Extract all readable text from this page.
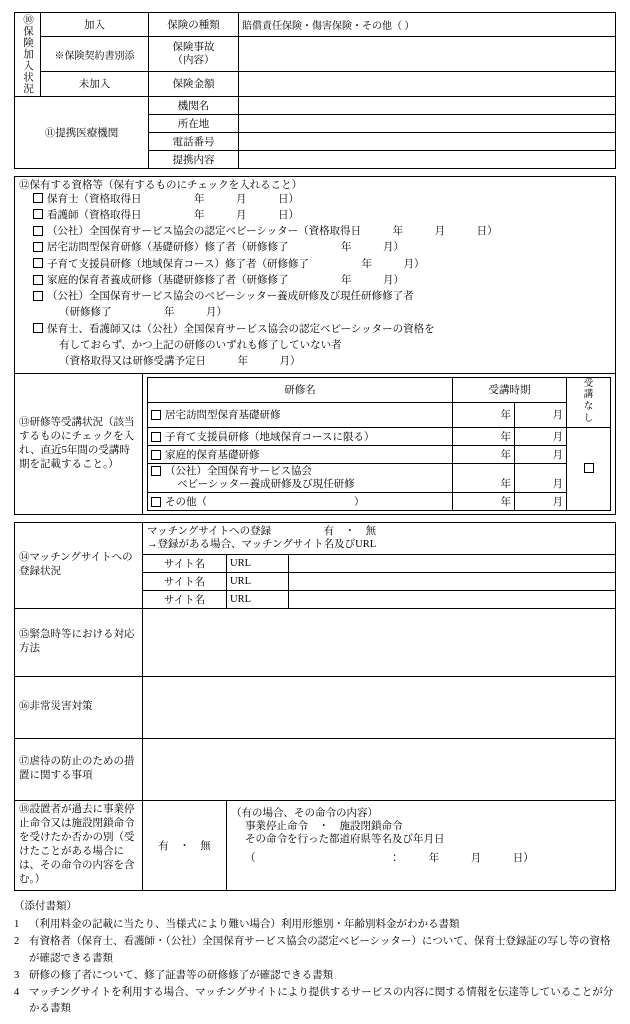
⑩保険加入状況	加入	保険の種類	賠償責任保険・傷害保険・その他（ ）
	※保険契約書別添	保険事故
（内容）	
	未加入	保険金額	
⑪提携医療機関		機関名	
		所在地	
		電話番号	
		提携内容	
⑫保有する資格等（保有するものにチェックを入れること）
保育士（資格取得日　　　　　年　　　月　　　日）
看護師（資格取得日　　　　　年　　　月　　　日）
（公社）全国保育サービス協会の認定ベビーシッター（資格取得日　　　年　　　月　　　日）
居宅訪問型保育研修（基礎研修）修了者（研修修了　　　　　年　　　月）
子育て支援員研修（地域保育コース）修了者（研修修了　　　　　年　　　月）
家庭的保育者養成研修（基礎研修修了者（研修修了　　　　　年　　　月）
（公社）全国保育サービス協会のベビーシッター養成研修及び現任研修修了者
（研修修了　　　　　年　　　月）
保育士、看護師又は（公社）全国保育サービス協会の認定ベビーシッターの資格を
有しておらず、かつ上記の研修のいずれも修了していない者
（資格取得又は研修受講予定日　　　年　　　月）

⑬研修等受講状況（該当するものにチェックを入れ、直近5年間の受講時期を記載すること。）	
研修名	受講時期	受
講
な
し
居宅訪問型保育基礎研修	年	月
子育て支援員研修（地域保育コースに限る）	年	月	
家庭的保育基礎研修	年	月
（公社）全国保育サービス協会
ベビーシッター養成研修及び現任研修	年	月
その他（　　　　　　　　　　　　　　）	年	月
⑭マッチングサイトへの登録状況	マッチングサイトへの登録　　　　　有　・　無
→登録がある場合、マッチングサイト名及びURL		

	サイト名	URL	
	サイト名	URL	
	サイト名	URL	
⑮緊急時等における対応方法			
⑯非常災害対策			
⑰虐待の防止のための措置に関する事項			
⑱設置者が過去に事業停止命令又は施設閉鎖命令を受けたか否かの別（受けたことがある場合には、その命令の内容を含む。）	有　・　無	（有の場合、その命令の内容）
事業停止命令　・　施設閉鎖命令
その命令を行った都道府県等名及び年月日
（　　　　　　　　　　　　　：　　　年　　　月　　　日）	
（添付書類）
1 （利用料金の記載に当たり、当様式により難い場合）利用形態別・年齢別料金がわかる書類
2 有資格者（保育士、看護師・（公社）全国保育サービス協会の認定ベビーシッター）について、保育士登録証の写し等の資格が確認できる書類
3 研修の修了者について、修了証書等の研修修了が確認できる書類
4 マッチングサイトを利用する場合、マッチングサイトにより提供するサービスの内容に関する情報を伝達等していることが分かる書類
